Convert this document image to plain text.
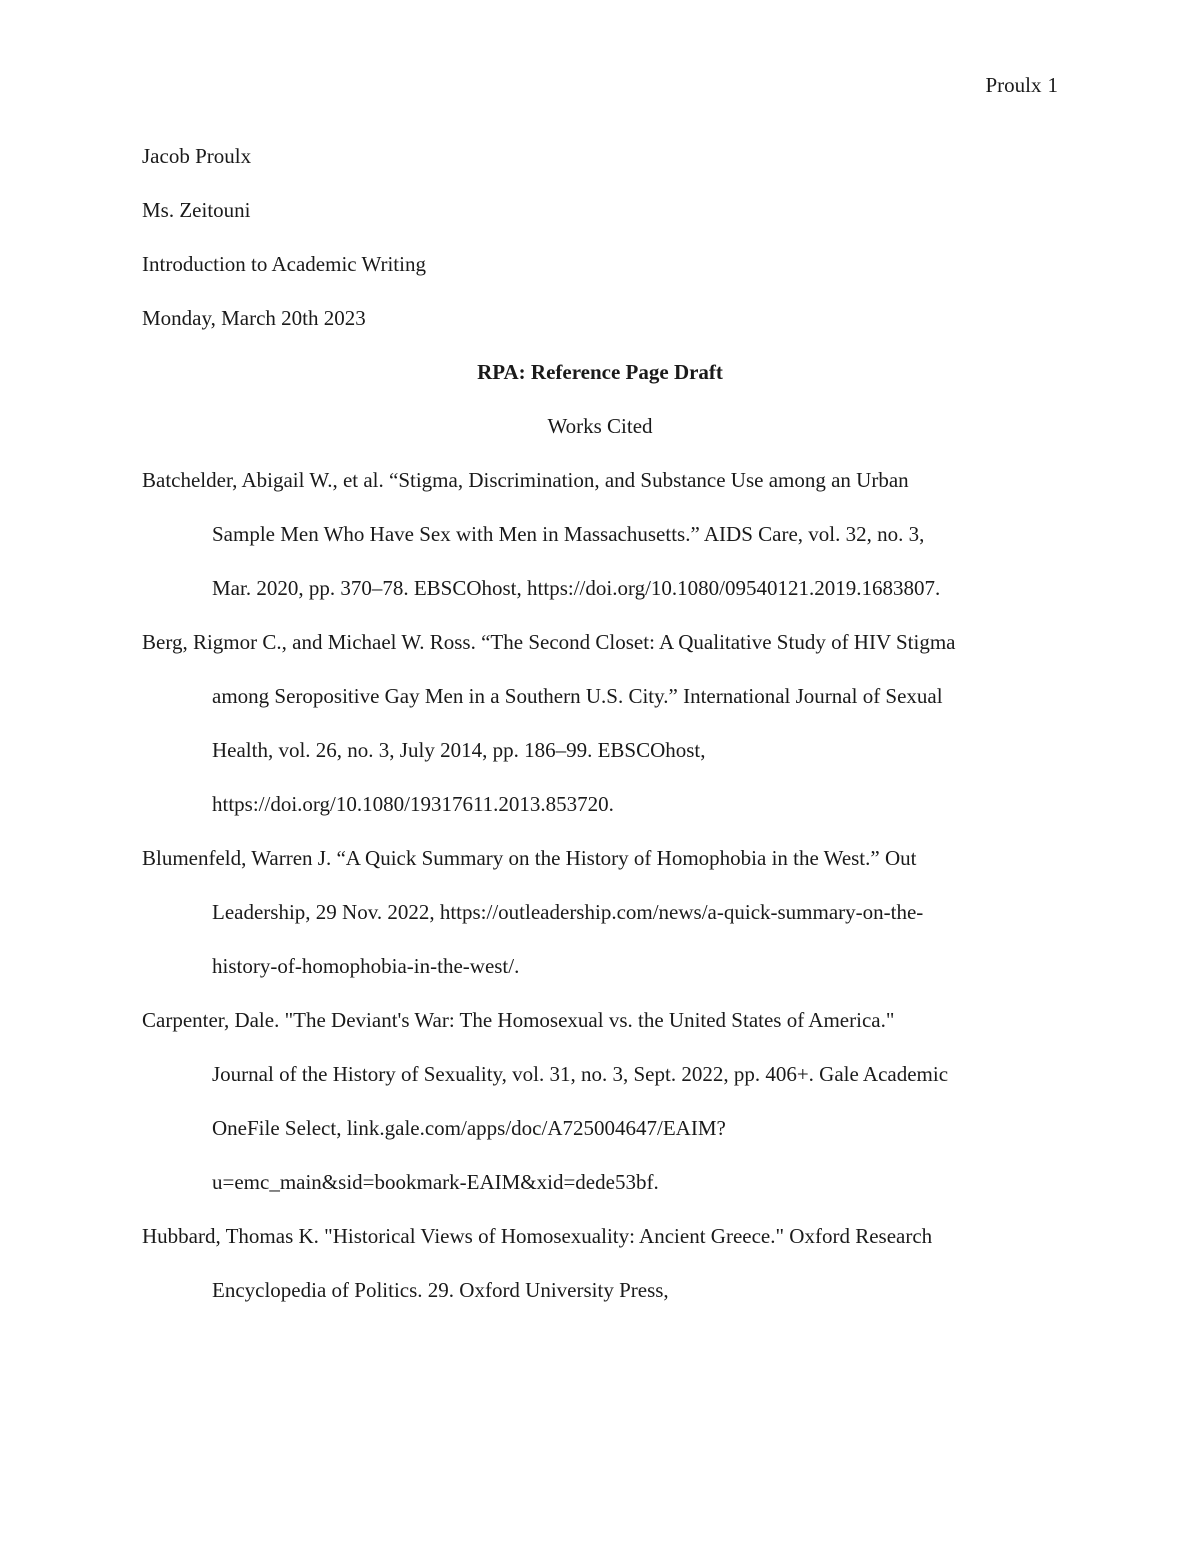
Proulx 1
Jacob Proulx
Ms. Zeitouni
Introduction to Academic Writing
Monday, March 20th 2023
RPA: Reference Page Draft
Works Cited
Batchelder, Abigail W., et al. “Stigma, Discrimination, and Substance Use among an Urban
Sample Men Who Have Sex with Men in Massachusetts.” AIDS Care, vol. 32, no. 3,
Mar. 2020, pp. 370–78. EBSCOhost, https://doi.org/10.1080/09540121.2019.1683807.
Berg, Rigmor C., and Michael W. Ross. “The Second Closet: A Qualitative Study of HIV Stigma
among Seropositive Gay Men in a Southern U.S. City.” International Journal of Sexual
Health, vol. 26, no. 3, July 2014, pp. 186–99. EBSCOhost,
https://doi.org/10.1080/19317611.2013.853720.
Blumenfeld, Warren J. “A Quick Summary on the History of Homophobia in the West.” Out
Leadership, 29 Nov. 2022, https://outleadership.com/news/a-quick-summary-on-the-
history-of-homophobia-in-the-west/.
Carpenter, Dale. "The Deviant's War: The Homosexual vs. the United States of America."
Journal of the History of Sexuality, vol. 31, no. 3, Sept. 2022, pp. 406+. Gale Academic
OneFile Select, link.gale.com/apps/doc/A725004647/EAIM?
u=emc_main&sid=bookmark-EAIM&xid=dede53bf.
Hubbard, Thomas K. "Historical Views of Homosexuality: Ancient Greece." Oxford Research
Encyclopedia of Politics. 29. Oxford University Press,
